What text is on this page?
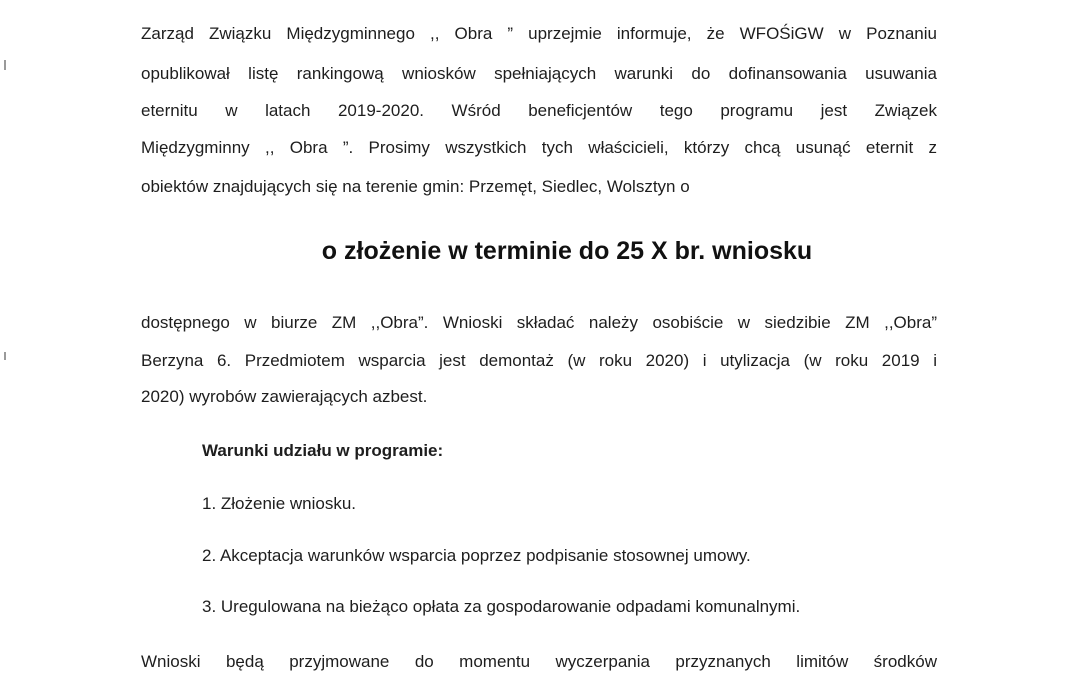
Zarząd Związku Międzygminnego ,, Obra ” uprzejmie informuje, że WFOŚiGW w Poznaniu
opublikował listę rankingową wniosków spełniających warunki do dofinansowania usuwania
eternitu w latach 2019-2020. Wśród beneficjentów tego programu jest Związek
Międzygminny ,, Obra ”. Prosimy wszystkich tych właścicieli, którzy chcą usunąć eternit z
obiektów znajdujących się na terenie gmin: Przemęt, Siedlec, Wolsztyn o
o złożenie w terminie do 25 X br. wniosku
dostępnego w biurze ZM ,,Obra”. Wnioski składać należy osobiście w siedzibie ZM ,,Obra”
Berzyna 6. Przedmiotem wsparcia jest demontaż (w roku 2020) i utylizacja (w roku 2019 i
2020) wyrobów zawierających azbest.
Warunki udziału w programie:
1. Złożenie wniosku.
2. Akceptacja warunków wsparcia poprzez podpisanie stosownej umowy.
3. Uregulowana na bieżąco opłata za gospodarowanie odpadami komunalnymi.
Wnioski będą przyjmowane do momentu wyczerpania przyznanych limitów środków
